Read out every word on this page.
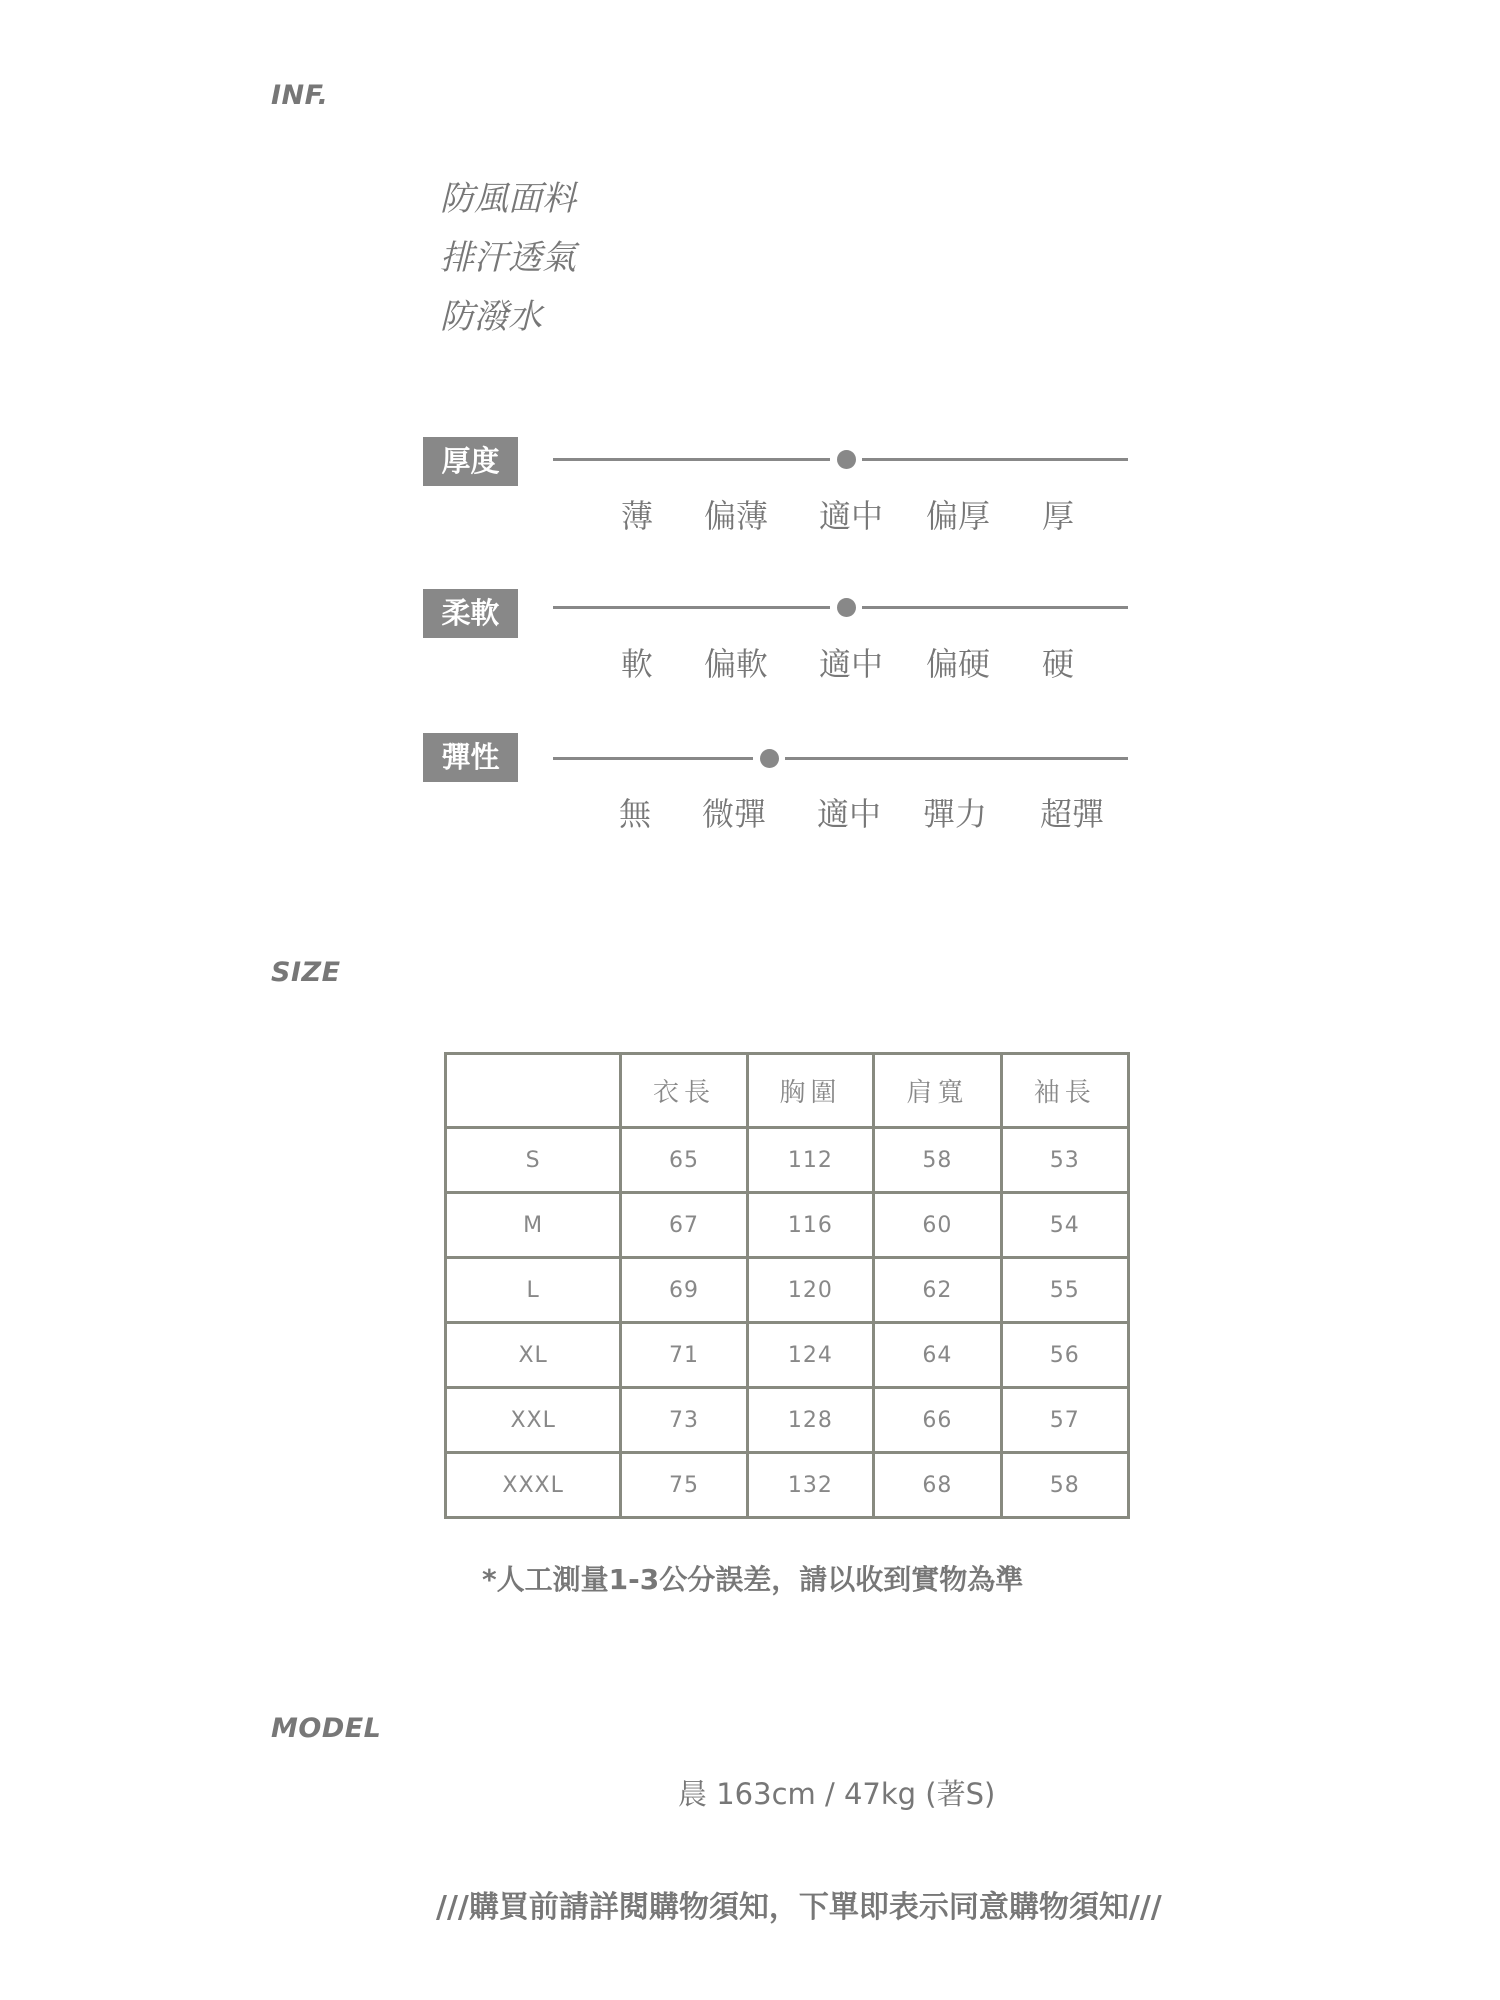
INF.
防風面料
排汗透氣
防潑水
厚度
薄 偏薄 適中 偏厚 厚
柔軟
軟 偏軟 適中 偏硬 硬
彈性
無 微彈 適中 彈力 超彈
SIZE
	衣長	胸圍	肩寬	袖長
S	65	112	58	53
M	67	116	60	54
L	69	120	62	55
XL	71	124	64	56
XXL	73	128	66	57
XXXL	75	132	68	58
*人工測量1-3公分誤差，請以收到實物為準
MODEL
晨 163cm / 47kg (著S)
///購買前請詳閱購物須知，下單即表示同意購物須知///
